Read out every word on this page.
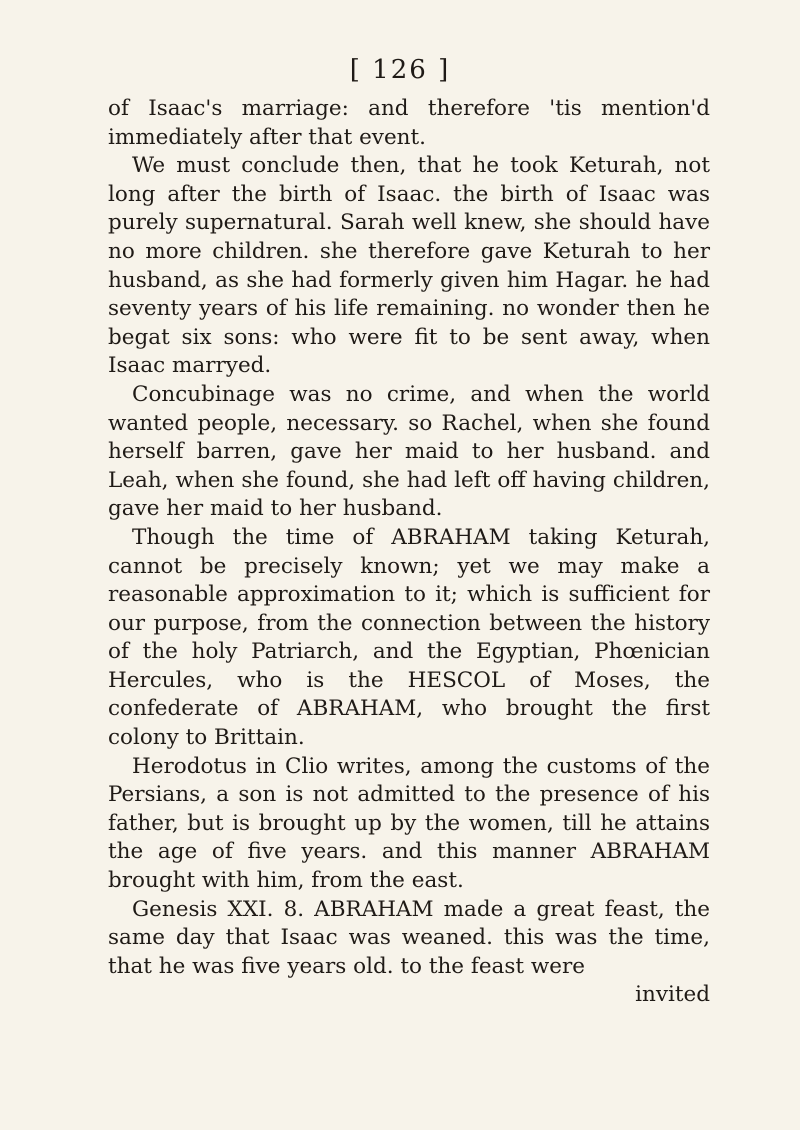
[ 126 ]

of Isaac's marriage: and therefore 'tis mention'd immediately after that event.

We must conclude then, that he took Keturah, not long after the birth of Isaac. the birth of Isaac was purely supernatural. Sarah well knew, she should have no more children. she therefore gave Keturah to her husband, as she had formerly given him Hagar. he had seventy years of his life remaining. no wonder then he begat six sons: who were fit to be sent away, when Isaac marryed.

Concubinage was no crime, and when the world wanted people, necessary. so Rachel, when she found herself barren, gave her maid to her husband. and Leah, when she found, she had left off having children, gave her maid to her husband.

Though the time of ABRAHAM taking Keturah, cannot be precisely known; yet we may make a reasonable approximation to it; which is sufficient for our purpose, from the connection between the history of the holy Patriarch, and the Egyptian, Phœnician Hercules, who is the HESCOL of Moses, the confederate of ABRAHAM, who brought the first colony to Brittain.

Herodotus in Clio writes, among the customs of the Persians, a son is not admitted to the presence of his father, but is brought up by the women, till he attains the age of five years. and this manner ABRAHAM brought with him, from the east.

Genesis XXI. 8. ABRAHAM made a great feast, the same day that Isaac was weaned. this was the time, that he was five years old. to the feast were

invited
